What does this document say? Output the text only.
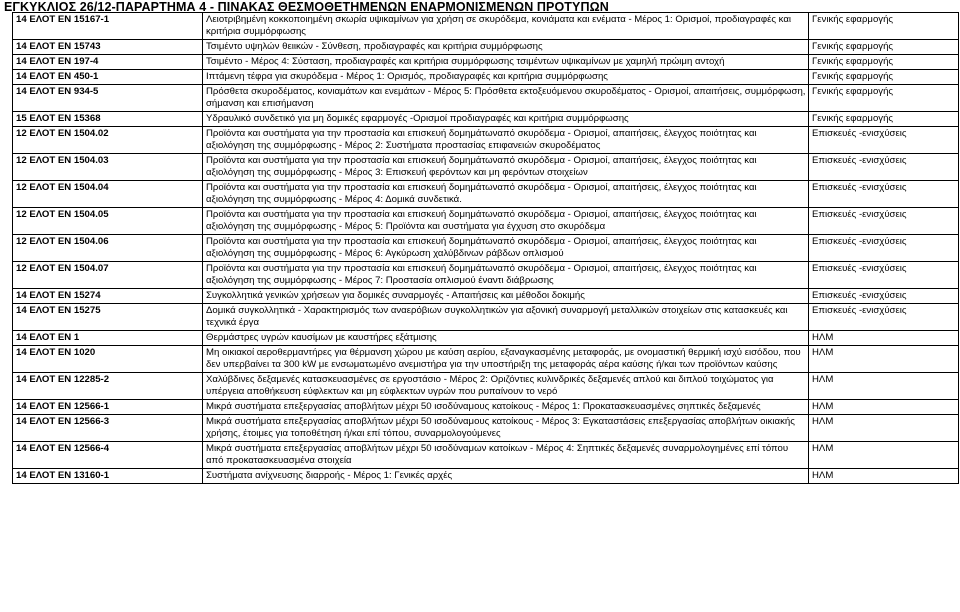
ΕΓΚΥΚΛΙΟΣ 26/12-ΠΑΡΑΡΤΗΜΑ 4 - ΠΙΝΑΚΑΣ ΘΕΣΜΟΘΕΤΗΜΕΝΩΝ ΕΝΑΡΜΟΝΙΣΜΕΝΩΝ ΠΡΟΤΥΠΩΝ
14 ΕΛΟΤ ΕΝ 15167-1	Λειοτριβημένη κοκκοποιημένη σκωρία υψικαμίνων για χρήση σε σκυρόδεμα, κονιάματα και ενέματα - Μέρος 1: Ορισμοί, προδιαγραφές και κριτήρια συμμόρφωσης	Γενικής εφαρμογής
14 ΕΛΟΤ ΕΝ 15743	Τσιμέντο υψηλών θειικών - Σύνθεση, προδιαγραφές και κριτήρια συμμόρφωσης	Γενικής εφαρμογής
14 ΕΛΟΤ ΕΝ 197-4	Τσιμέντο - Μέρος 4: Σύσταση, προδιαγραφές και κριτήρια συμμόρφωσης τσιμέντων υψικαμίνων με χαμηλή πρώιμη αντοχή	Γενικής εφαρμογής
14 ΕΛΟΤ ΕΝ 450-1	Ιπτάμενη τέφρα για σκυρόδεμα - Μέρος 1: Ορισμός, προδιαγραφές και κριτήρια συμμόρφωσης	Γενικής εφαρμογής
14 ΕΛΟΤ ΕΝ 934-5	Πρόσθετα σκυροδέματος, κονιαμάτων και ενεμάτων - Μέρος 5: Πρόσθετα εκτοξευόμενου σκυροδέματος - Ορισμοί, απαιτήσεις, συμμόρφωση, σήμανση και επισήμανση	Γενικής εφαρμογής
15 ΕΛΟΤ ΕΝ 15368	Υδραυλικό συνδετικό για μη δομικές εφαρμογές -Ορισμοί προδιαγραφές και κριτήρια συμμόρφωσης	Γενικής εφαρμογής
12 ΕΛΟΤ ΕΝ 1504.02	Προϊόντα και συστήματα για την προστασία και επισκευή δομημάτωναπό σκυρόδεμα - Ορισμοί, απαιτήσεις, έλεγχος ποιότητας και αξιολόγηση της συμμόρφωσης - Μέρος 2: Συστήματα προστασίας επιφανειών σκυροδέματος	Επισκευές -ενισχύσεις
12 ΕΛΟΤ ΕΝ 1504.03	Προϊόντα και συστήματα για την προστασία και επισκευή δομημάτωναπό σκυρόδεμα - Ορισμοί, απαιτήσεις, έλεγχος ποιότητας και αξιολόγηση της συμμόρφωσης - Μέρος 3: Επισκευή φερόντων και μη φερόντων στοιχείων	Επισκευές -ενισχύσεις
12 ΕΛΟΤ ΕΝ 1504.04	Προϊόντα και συστήματα για την προστασία και επισκευή δομημάτωναπό σκυρόδεμα - Ορισμοί, απαιτήσεις, έλεγχος ποιότητας και αξιολόγηση της συμμόρφωσης - Μέρος 4: Δομικά συνδετικά.	Επισκευές -ενισχύσεις
12 ΕΛΟΤ ΕΝ 1504.05	Προϊόντα και συστήματα για την προστασία και επισκευή δομημάτωναπό σκυρόδεμα - Ορισμοί, απαιτήσεις, έλεγχος ποιότητας και αξιολόγηση της συμμόρφωσης - Μέρος 5: Προϊόντα και συστήματα για έγχυση στο σκυρόδεμα	Επισκευές -ενισχύσεις
12 ΕΛΟΤ ΕΝ 1504.06	Προϊόντα και συστήματα για την προστασία και επισκευή δομημάτωναπό σκυρόδεμα - Ορισμοί, απαιτήσεις, έλεγχος ποιότητας και αξιολόγηση της συμμόρφωσης - Μέρος 6: Αγκύρωση χαλύβδινων ράβδων οπλισμού	Επισκευές -ενισχύσεις
12 ΕΛΟΤ ΕΝ 1504.07	Προϊόντα και συστήματα για την προστασία και επισκευή δομημάτωναπό σκυρόδεμα - Ορισμοί, απαιτήσεις, έλεγχος ποιότητας και αξιολόγηση της συμμόρφωσης - Μέρος 7: Προστασία οπλισμού έναντι διάβρωσης	Επισκευές -ενισχύσεις
14 ΕΛΟΤ ΕΝ 15274	Συγκολλητικά γενικών χρήσεων για δομικές συναρμογές - Απαιτήσεις και μέθοδοι δοκιμής	Επισκευές -ενισχύσεις
14 ΕΛΟΤ ΕΝ 15275	Δομικά συγκολλητικά - Χαρακτηρισμός των αναερόβιων συγκολλητικών για αξονική συναρμογή μεταλλικών στοιχείων στις κατασκευές και τεχνικά έργα	Επισκευές -ενισχύσεις
14 ΕΛΟΤ ΕΝ 1	Θερμάστρες υγρών καυσίμων με καυστήρες εξάτμισης	ΗΛΜ
14 ΕΛΟΤ ΕΝ 1020	Μη οικιακοί αεροθερμαντήρες για θέρμανση χώρου με καύση αερίου, εξαναγκασμένης μεταφοράς, με ονομαστική θερμική ισχύ εισόδου, που δεν υπερβαίνει τα 300 kW με ενσωματωμένο ανεμιστήρα για την υποστήριξη της μεταφοράς αέρα καύσης ή/και των προϊόντων καύσης	ΗΛΜ
14 ΕΛΟΤ ΕΝ 12285-2	Χαλύβδινες δεξαμενές κατασκευασμένες σε εργοστάσιο - Μέρος 2: Οριζόντιες κυλινδρικές δεξαμενές απλού και διπλού τοιχώματος για υπέργεια αποθήκευση εύφλεκτων και μη εύφλεκτων υγρών που ρυπαίνουν το νερό	ΗΛΜ
14 ΕΛΟΤ ΕΝ 12566-1	Μικρά συστήματα επεξεργασίας αποβλήτων μέχρι 50 ισοδύναμους κατοίκους - Μέρος 1: Προκατασκευασμένες σηπτικές δεξαμενές	ΗΛΜ
14 ΕΛΟΤ ΕΝ 12566-3	Μικρά συστήματα επεξεργασίας αποβλήτων μέχρι 50 ισοδύναμους κατοίκους - Μέρος 3: Εγκαταστάσεις επεξεργασίας αποβλήτων οικιακής χρήσης, έτοιμες για τοποθέτηση ή/και επί τόπου, συναρμολογούμενες	ΗΛΜ
14 ΕΛΟΤ ΕΝ 12566-4	Μικρά συστήματα επεξεργασίας αποβλήτων μέχρι 50 ισοδύναμων κατοίκων - Μέρος 4: Σηπτικές δεξαμενές συναρμολογημένες επί τόπου από προκατασκευασμένα στοιχεία	ΗΛΜ
14 ΕΛΟΤ ΕΝ 13160-1	Συστήματα ανίχνευσης διαρροής - Μέρος 1: Γενικές αρχές	ΗΛΜ
